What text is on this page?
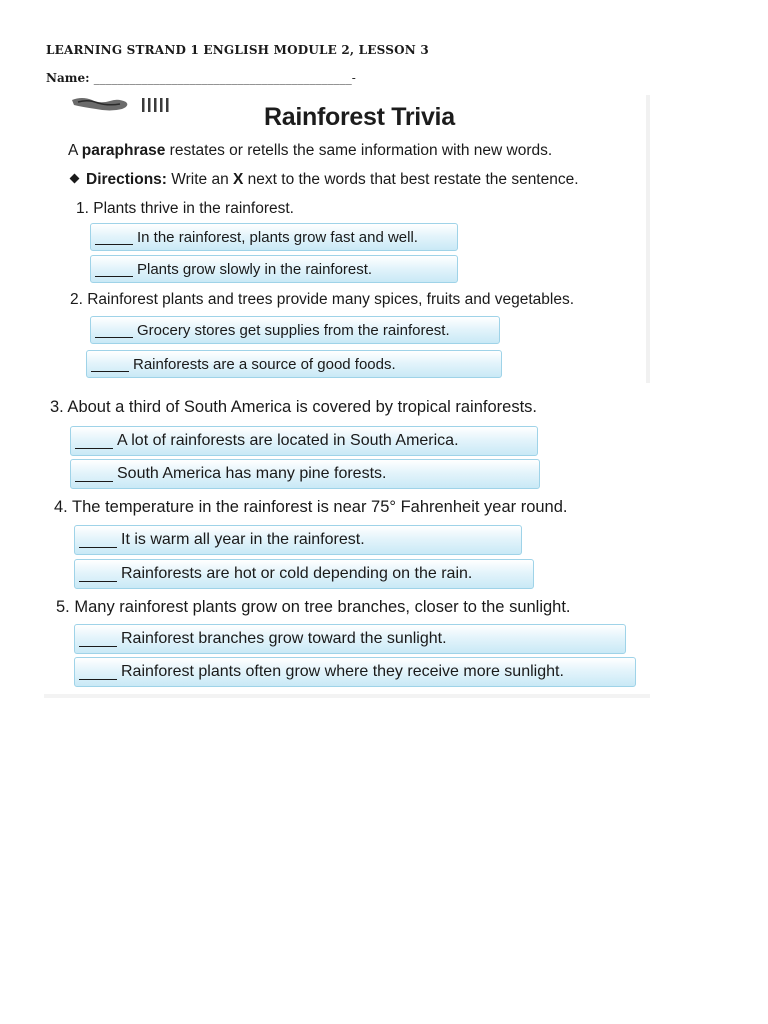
LEARNING STRAND 1 ENGLISH MODULE 2, LESSON 3
Name: ___________________________________________-
Rainforest Trivia
A paraphrase restates or retells the same information with new words.
Directions: Write an X next to the words that best restate the sentence.
1. Plants thrive in the rainforest.
In the rainforest, plants grow fast and well.
Plants grow slowly in the rainforest.
2. Rainforest plants and trees provide many spices, fruits and vegetables.
Grocery stores get supplies from the rainforest.
Rainforests are a source of good foods.
3. About a third of South America is covered by tropical rainforests.
A lot of rainforests are located in South America.
South America has many pine forests.
4. The temperature in the rainforest is near 75° Fahrenheit year round.
It is warm all year in the rainforest.
Rainforests are hot or cold depending on the rain.
5. Many rainforest plants grow on tree branches, closer to the sunlight.
Rainforest branches grow toward the sunlight.
Rainforest plants often grow where they receive more sunlight.
